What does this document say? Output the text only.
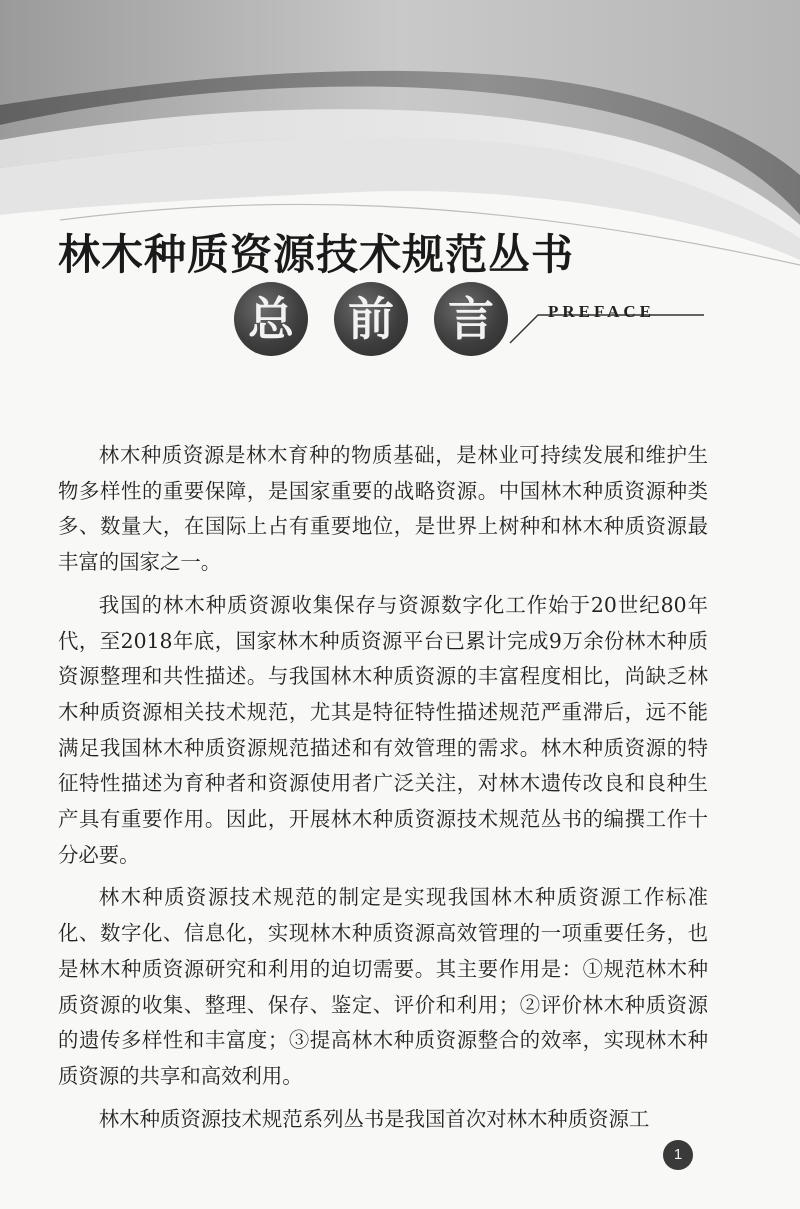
林木种质资源技术规范丛书
总	前	言	PREFACE

林木种质资源是林木育种的物质基础，是林业可持续发展和维护生物多样性的重要保障，是国家重要的战略资源。中国林木种质资源种类多、数量大，在国际上占有重要地位，是世界上树种和林木种质资源最丰富的国家之一。

我国的林木种质资源收集保存与资源数字化工作始于20世纪80年代，至2018年底，国家林木种质资源平台已累计完成9万余份林木种质资源整理和共性描述。与我国林木种质资源的丰富程度相比，尚缺乏林木种质资源相关技术规范，尤其是特征特性描述规范严重滞后，远不能满足我国林木种质资源规范描述和有效管理的需求。林木种质资源的特征特性描述为育种者和资源使用者广泛关注，对林木遗传改良和良种生产具有重要作用。因此，开展林木种质资源技术规范丛书的编撰工作十分必要。

林木种质资源技术规范的制定是实现我国林木种质资源工作标准化、数字化、信息化，实现林木种质资源高效管理的一项重要任务，也是林木种质资源研究和利用的迫切需要。其主要作用是：①规范林木种质资源的收集、整理、保存、鉴定、评价和利用；②评价林木种质资源的遗传多样性和丰富度；③提高林木种质资源整合的效率，实现林木种质资源的共享和高效利用。

林木种质资源技术规范系列丛书是我国首次对林木种质资源工

1
